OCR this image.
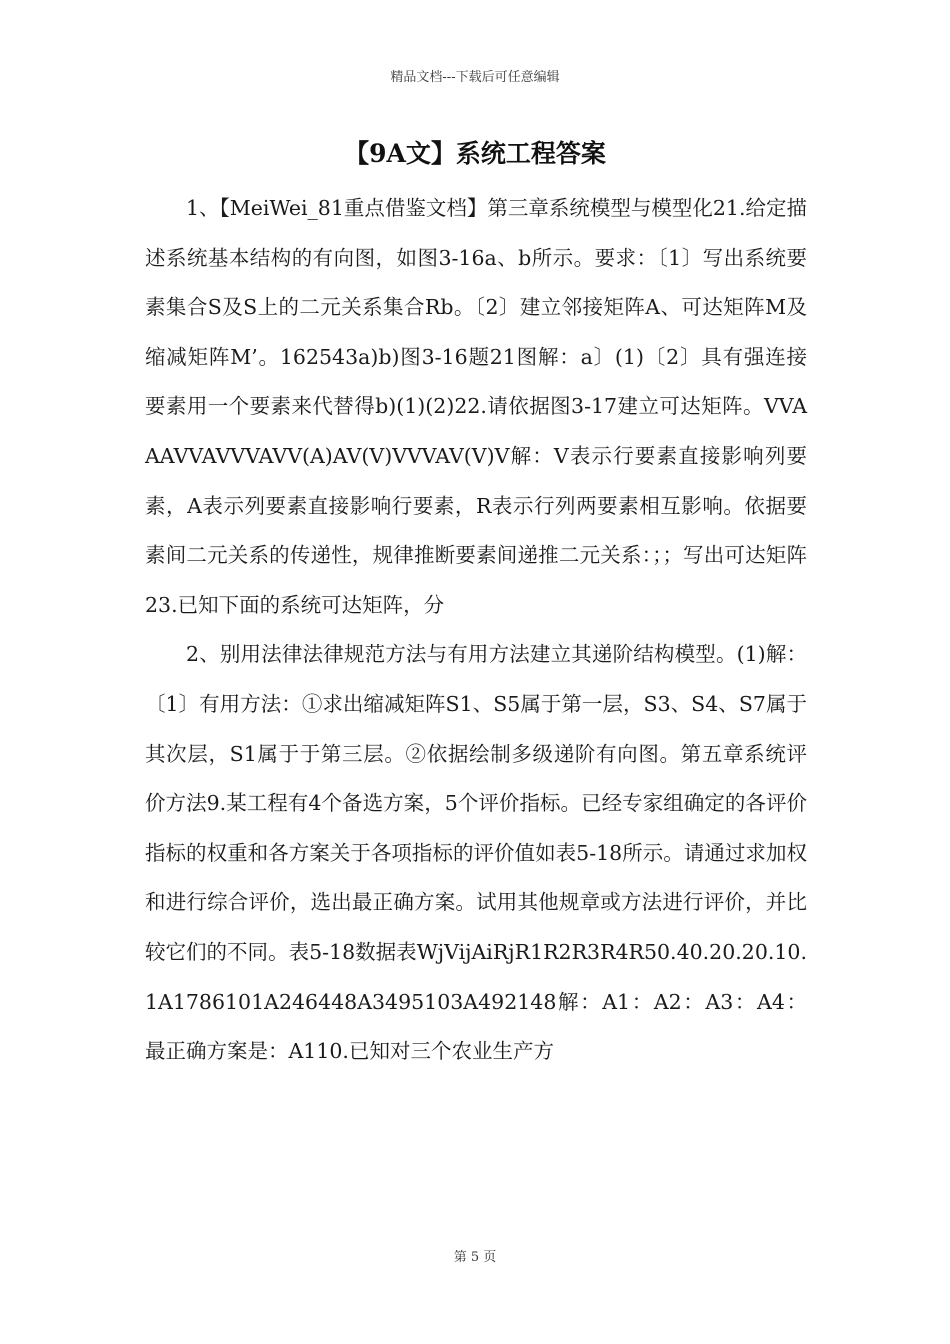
精品文档---下载后可任意编辑
【9A文】系统工程答案

1、【MeiWei_81重点借鉴文档】第三章系统模型与模型化21.给定描述系统基本结构的有向图，如图3-16a、b所示。要求：〔1〕写出系统要素集合S及S上的二元关系集合Rb。〔2〕建立邻接矩阵A、可达矩阵M及缩减矩阵M’。162543a)b)图3-16题21图解：a〕(1)〔2〕具有强连接要素用一个要素来代替得b)(1)(2)22.请依据图3-17建立可达矩阵。VVAAAVVAVVVAVV(A)AV(V)VVVAV(V)V解：V表示行要素直接影响列要素，A表示列要素直接影响行要素，R表示行列两要素相互影响。依据要素间二元关系的传递性，规律推断要素间递推二元关系：；；写出可达矩阵23.已知下面的系统可达矩阵，分

2、别用法律法律规范方法与有用方法建立其递阶结构模型。(1)解：〔1〕有用方法：①求出缩减矩阵S1、S5属于第一层，S3、S4、S7属于其次层，S1属于于第三层。②依据绘制多级递阶有向图。第五章系统评价方法9.某工程有4个备选方案，5个评价指标。已经专家组确定的各评价指标的权重和各方案关于各项指标的评价值如表5-18所示。请通过求加权和进行综合评价，选出最正确方案。试用其他规章或方法进行评价，并比较它们的不同。表5-18数据表WjVijAiRjR1R2R3R4R50.40.20.20.10.1A1786101A246448A3495103A492148解：A1：A2：A3：A4：最正确方案是：A110.已知对三个农业生产方

第 5 页
